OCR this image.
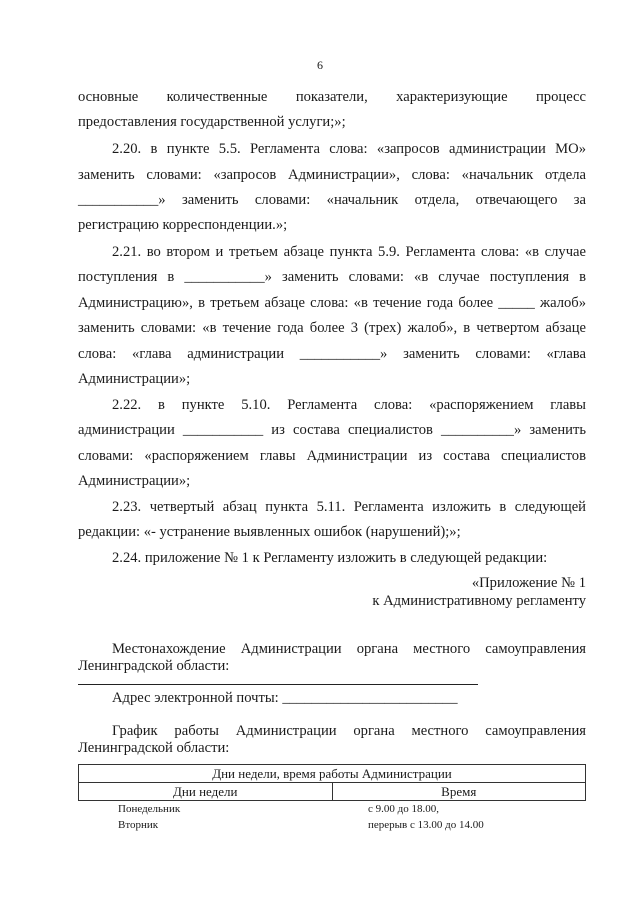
6
основные количественные показатели, характеризующие процесс
предоставления государственной услуги;»;
2.20. в пункте 5.5. Регламента слова: «запросов администрации МО»
заменить словами: «запросов Администрации», слова: «начальник отдела
___________» заменить словами: «начальник отдела, отвечающего за
регистрацию корреспонденции.»;
2.21. во втором и третьем абзаце пункта 5.9. Регламента слова: «в случае
поступления в ___________» заменить словами: «в случае поступления в
Администрацию», в третьем абзаце слова: «в течение года более _____ жалоб»
заменить словами: «в течение года более 3 (трех) жалоб», в четвертом абзаце
слова: «глава администрации ___________» заменить словами: «глава
Администрации»;
2.22. в пункте 5.10. Регламента слова: «распоряжением главы
администрации ___________ из состава специалистов __________» заменить
словами: «распоряжением главы Администрации из состава специалистов
Администрации»;
2.23. четвертый абзац пункта 5.11. Регламента изложить в следующей
редакции: «- устранение выявленных ошибок (нарушений);»;
2.24. приложение № 1 к Регламенту изложить в следующей редакции:
«Приложение № 1
к Административному регламенту
Местонахождение Администрации органа местного самоуправления
Ленинградской области:
Адрес электронной почты: ________________________
График работы Администрации органа местного самоуправления
Ленинградской области:
Дни недели, время работы Администрации
Дни недели	Время
Понедельник	с 9.00 до 18.00,
Вторник	перерыв с 13.00 до 14.00
